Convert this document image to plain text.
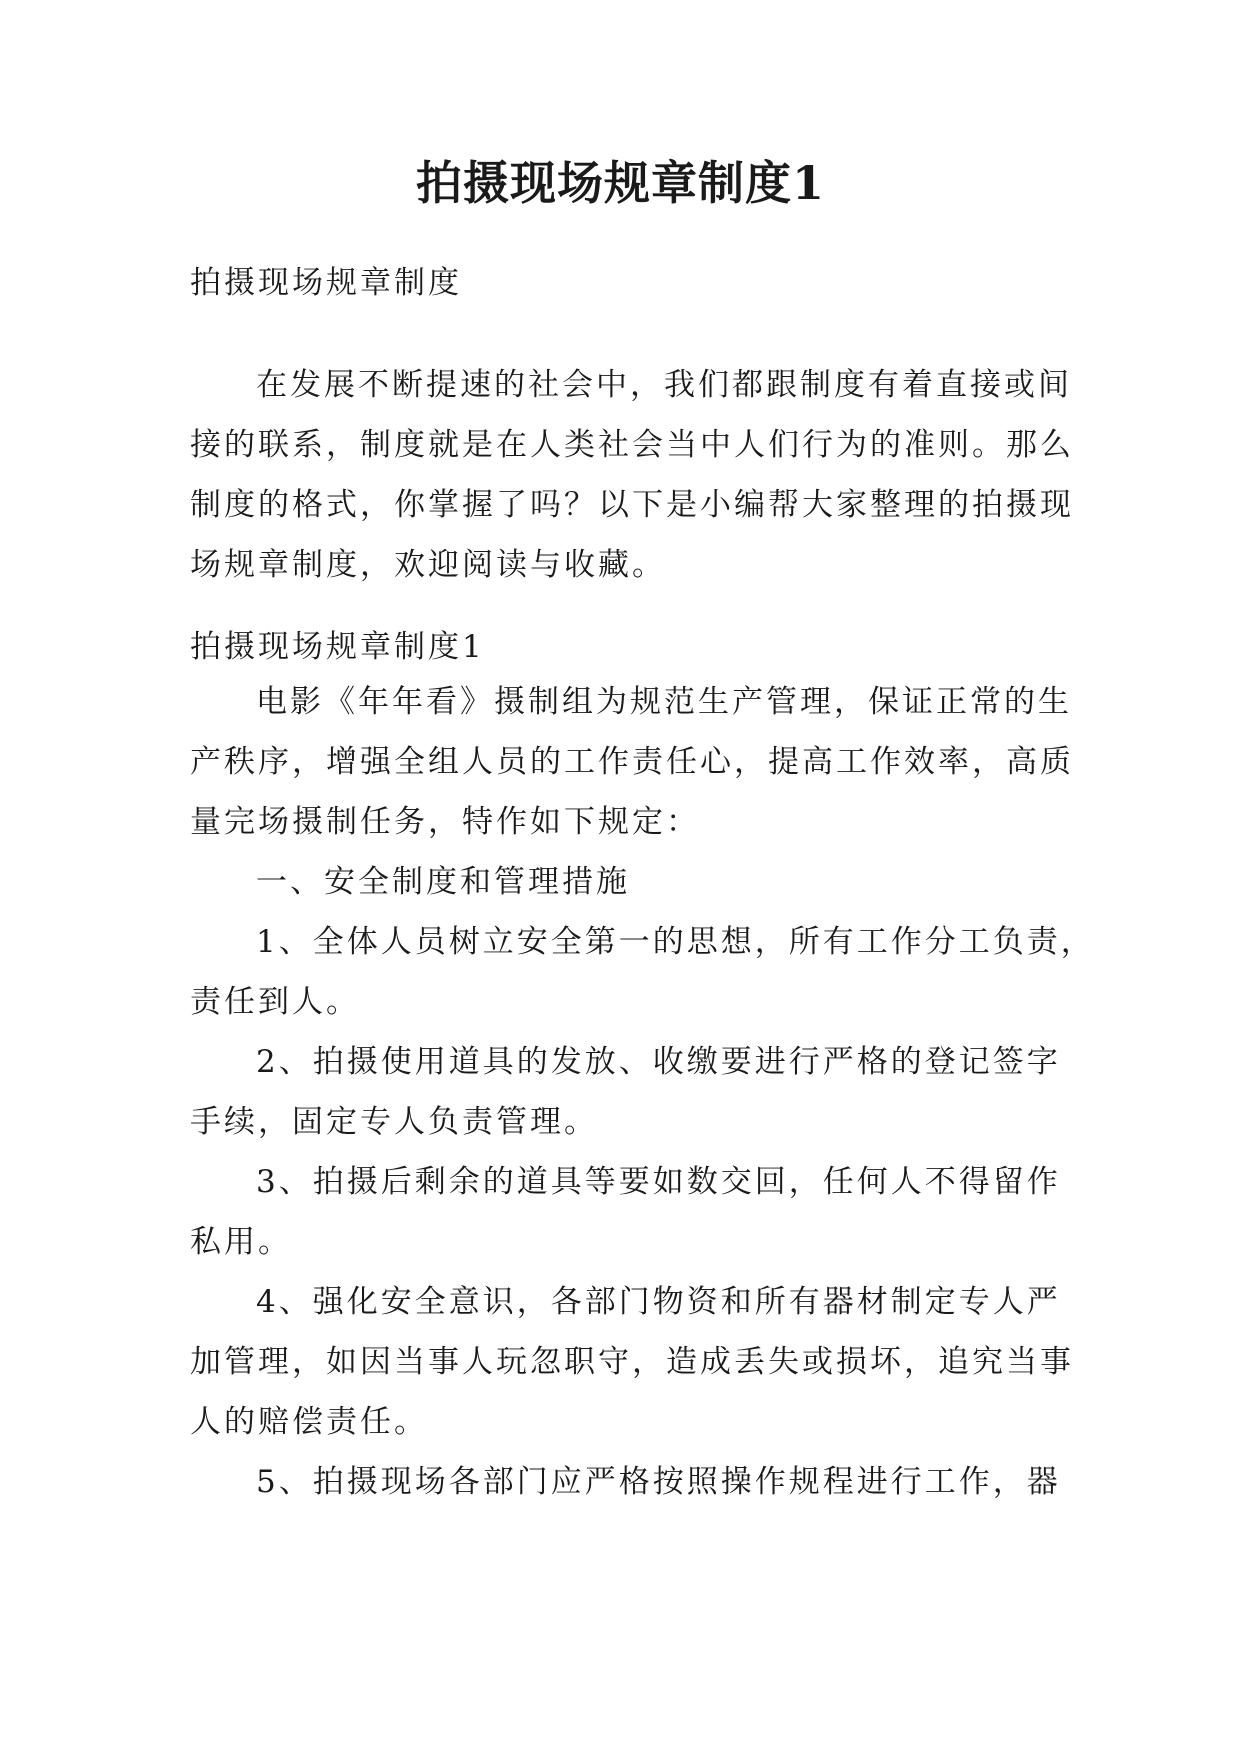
拍摄现场规章制度1
拍摄现场规章制度
在发展不断提速的社会中，我们都跟制度有着直接或间
接的联系，制度就是在人类社会当中人们行为的准则。那么
制度的格式，你掌握了吗？以下是小编帮大家整理的拍摄现
场规章制度，欢迎阅读与收藏。
拍摄现场规章制度1
电影《年年看》摄制组为规范生产管理，保证正常的生
产秩序，增强全组人员的工作责任心，提高工作效率，高质
量完场摄制任务，特作如下规定：
一、安全制度和管理措施
1、全体人员树立安全第一的思想，所有工作分工负责，
责任到人。
2、拍摄使用道具的发放、收缴要进行严格的登记签字
手续，固定专人负责管理。
3、拍摄后剩余的道具等要如数交回，任何人不得留作
私用。
4、强化安全意识，各部门物资和所有器材制定专人严
加管理，如因当事人玩忽职守，造成丢失或损坏，追究当事
人的赔偿责任。
5、拍摄现场各部门应严格按照操作规程进行工作，器
